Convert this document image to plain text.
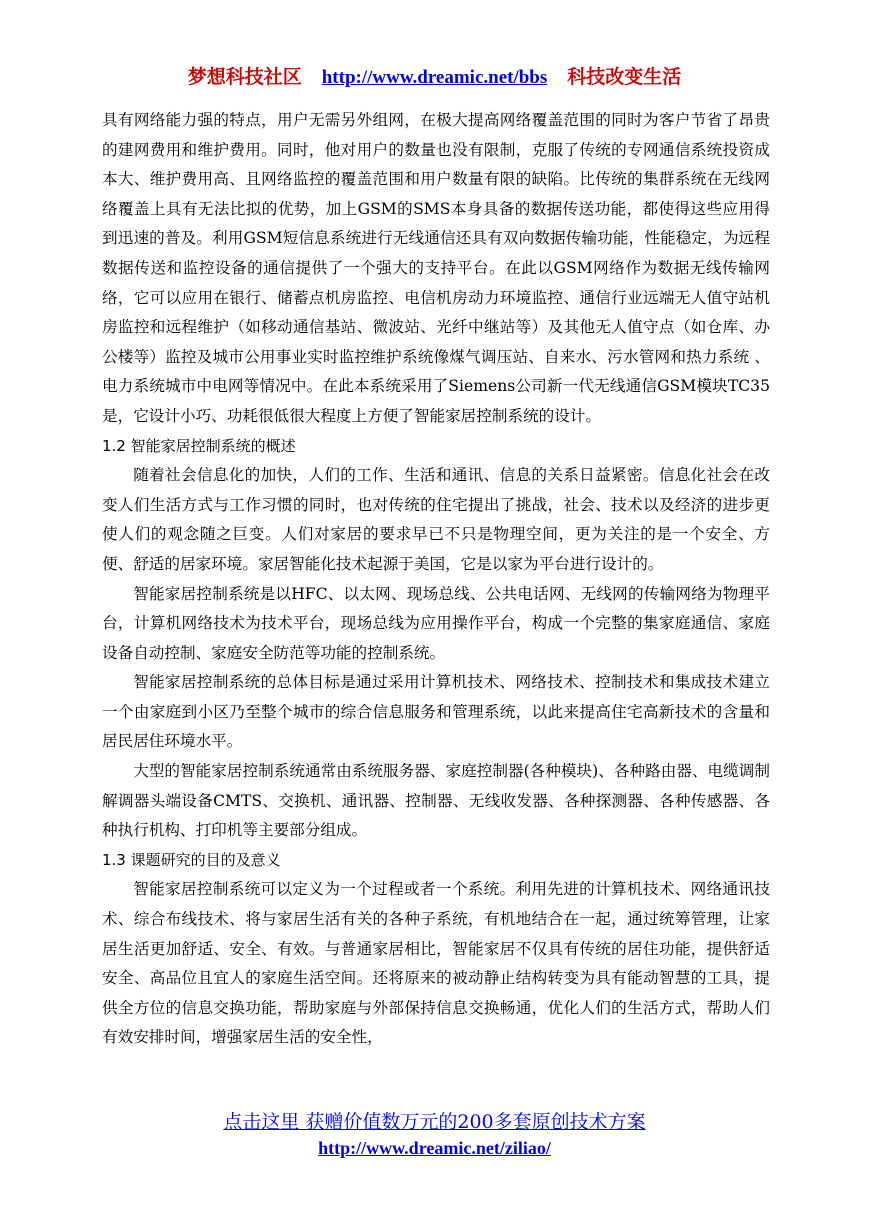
梦想科技社区 http://www.dreamic.net/bbs 科技改变生活

具有网络能力强的特点，用户无需另外组网，在极大提高网络覆盖范围的同时为客户节省了昂贵的建网费用和维护费用。同时，他对用户的数量也没有限制，克服了传统的专网通信系统投资成本大、维护费用高、且网络监控的覆盖范围和用户数量有限的缺陷。比传统的集群系统在无线网络覆盖上具有无法比拟的优势，加上GSM的SMS本身具备的数据传送功能，都使得这些应用得到迅速的普及。利用GSM短信息系统进行无线通信还具有双向数据传输功能，性能稳定，为远程数据传送和监控设备的通信提供了一个强大的支持平台。在此以GSM网络作为数据无线传输网络，它可以应用在银行、储蓄点机房监控、电信机房动力环境监控、通信行业远端无人值守站机房监控和远程维护（如移动通信基站、微波站、光纤中继站等）及其他无人值守点（如仓库、办公楼等）监控及城市公用事业实时监控维护系统像煤气调压站、自来水、污水管网和热力系统 、电力系统城市中电网等情况中。在此本系统采用了Siemens公司新一代无线通信GSM模块TC35是，它设计小巧、功耗很低很大程度上方便了智能家居控制系统的设计。

1.2 智能家居控制系统的概述

随着社会信息化的加快，人们的工作、生活和通讯、信息的关系日益紧密。信息化社会在改变人们生活方式与工作习惯的同时，也对传统的住宅提出了挑战，社会、技术以及经济的进步更使人们的观念随之巨变。人们对家居的要求早已不只是物理空间，更为关注的是一个安全、方便、舒适的居家环境。家居智能化技术起源于美国，它是以家为平台进行设计的。

智能家居控制系统是以HFC、以太网、现场总线、公共电话网、无线网的传输网络为物理平台，计算机网络技术为技术平台，现场总线为应用操作平台，构成一个完整的集家庭通信、家庭设备自动控制、家庭安全防范等功能的控制系统。

智能家居控制系统的总体目标是通过采用计算机技术、网络技术、控制技术和集成技术建立一个由家庭到小区乃至整个城市的综合信息服务和管理系统，以此来提高住宅高新技术的含量和居民居住环境水平。

大型的智能家居控制系统通常由系统服务器、家庭控制器(各种模块)、各种路由器、电缆调制解调器头端设备CMTS、交换机、通讯器、控制器、无线收发器、各种探测器、各种传感器、各种执行机构、打印机等主要部分组成。

1.3 课题研究的目的及意义

智能家居控制系统可以定义为一个过程或者一个系统。利用先进的计算机技术、网络通讯技术、综合布线技术、将与家居生活有关的各种子系统，有机地结合在一起，通过统筹管理，让家居生活更加舒适、安全、有效。与普通家居相比，智能家居不仅具有传统的居住功能，提供舒适安全、高品位且宜人的家庭生活空间。还将原来的被动静止结构转变为具有能动智慧的工具，提供全方位的信息交换功能，帮助家庭与外部保持信息交换畅通，优化人们的生活方式，帮助人们有效安排时间，增强家居生活的安全性，

点击这里 获赠价值数万元的200多套原创技术方案
http://www.dreamic.net/ziliao/
